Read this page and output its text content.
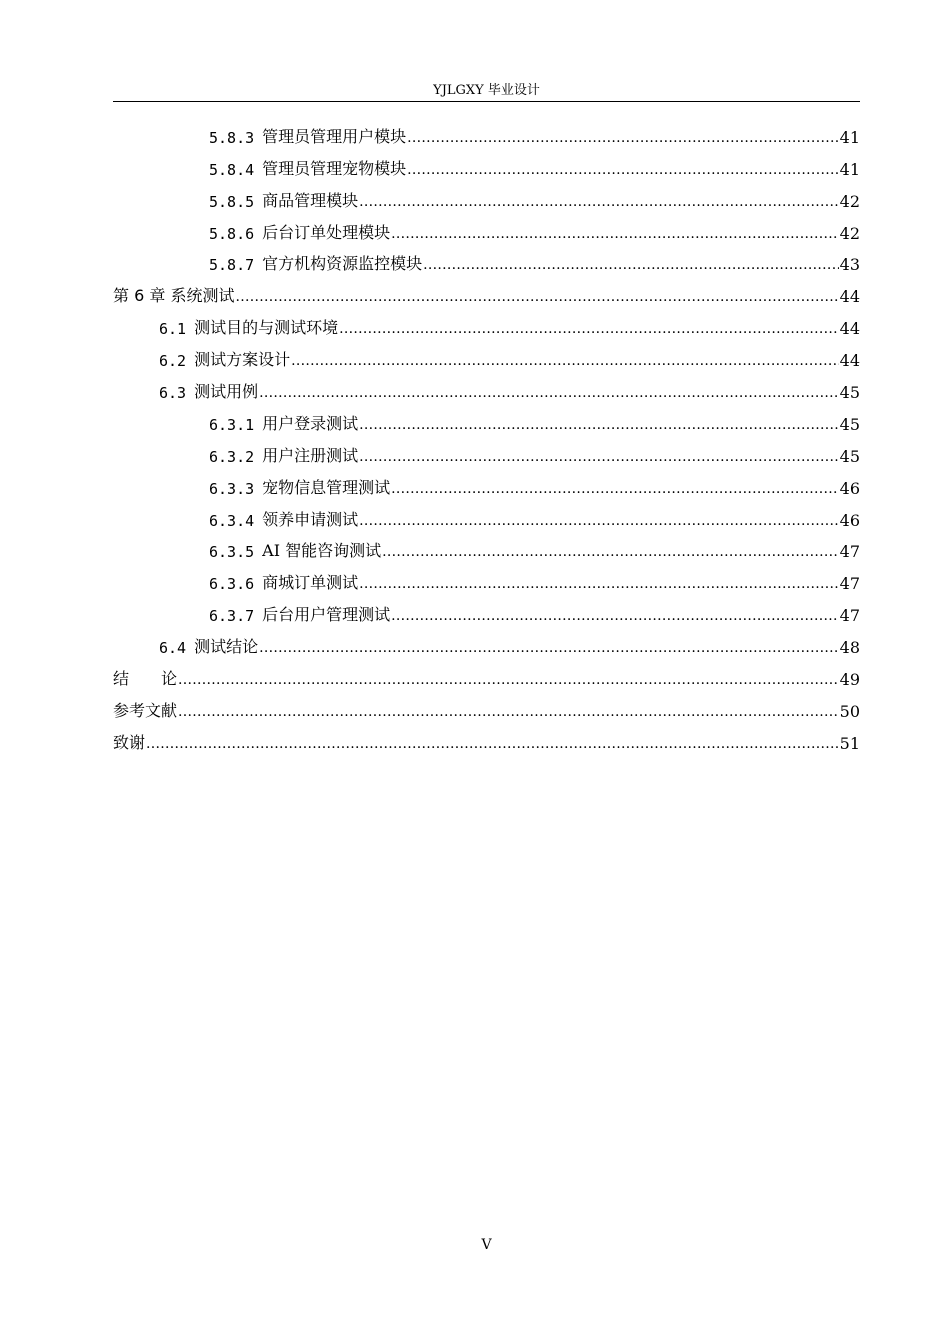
YJLGXY 毕业设计
5.8.3 管理员管理用户模块 .....	41
5.8.4 管理员管理宠物模块 .....	41
5.8.5 商品管理模块 .....	42
5.8.6 后台订单处理模块 .....	42
5.8.7 官方机构资源监控模块 .....	43
第 6 章 系统测试 .....	44
6.1 测试目的与测试环境 .....	44
6.2 测试方案设计 .....	44
6.3 测试用例 .....	45
6.3.1 用户登录测试 .....	45
6.3.2 用户注册测试 .....	45
6.3.3 宠物信息管理测试 .....	46
6.3.4 领养申请测试 .....	46
6.3.5 AI 智能咨询测试 .....	47
6.3.6 商城订单测试 .....	47
6.3.7 后台用户管理测试 .....	47
6.4 测试结论 .....	48
结　　论 .....	49
参考文献 .....	50
致谢 .....	51
V
